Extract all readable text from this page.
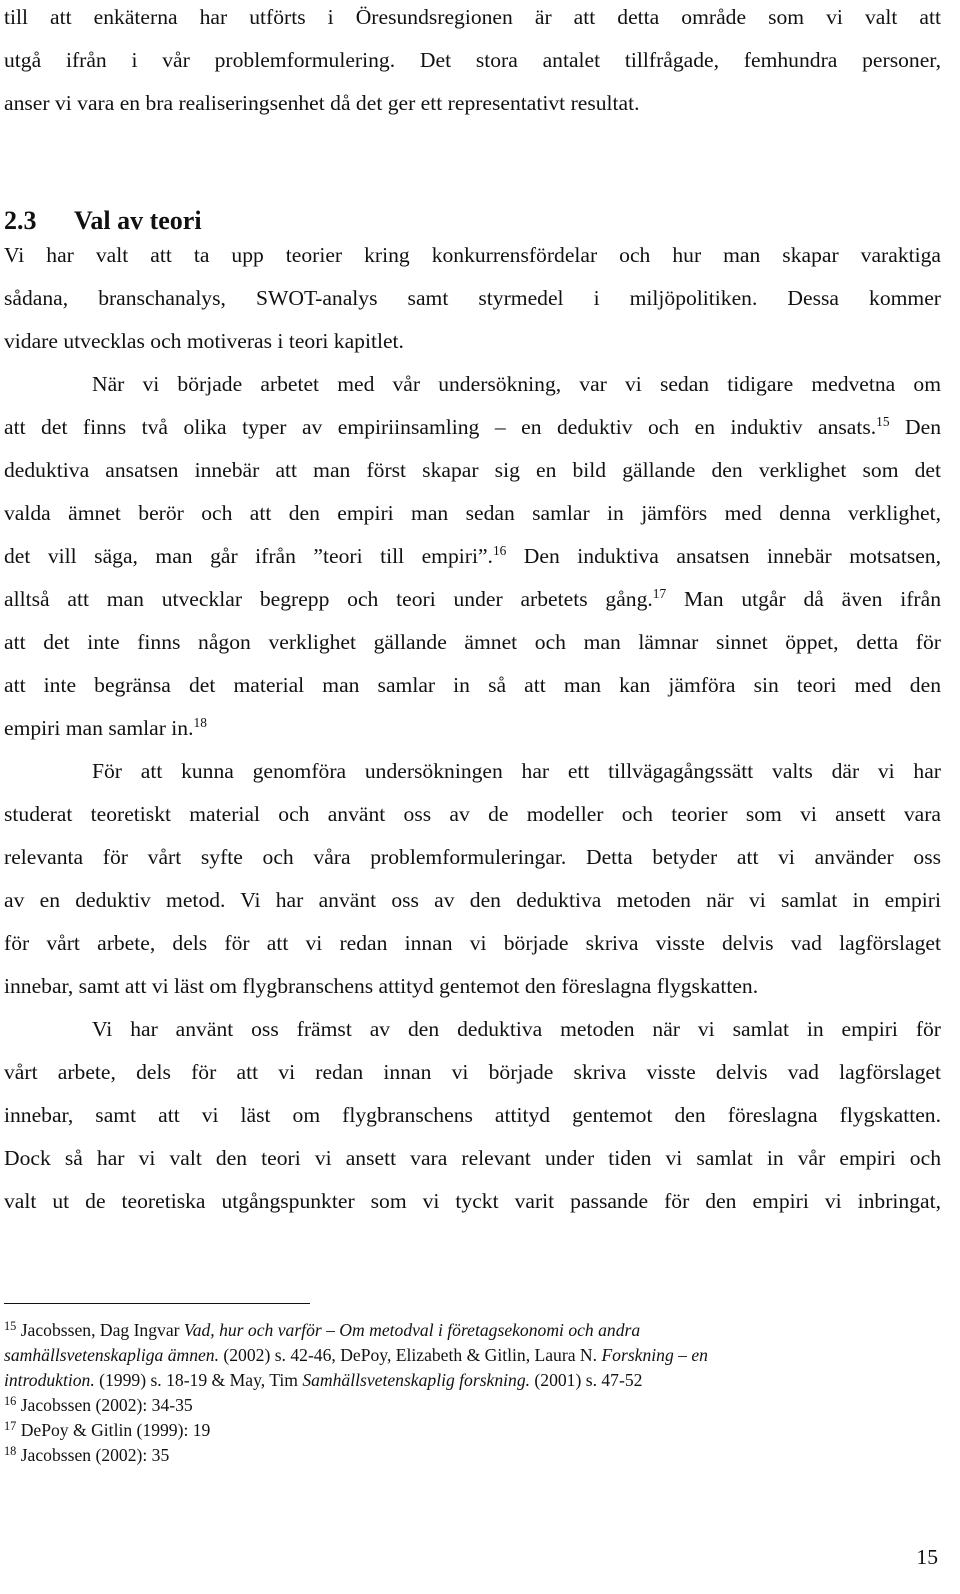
till att enkäterna har utförts i Öresundsregionen är att detta område som vi valt att
utgå ifrån i vår problemformulering. Det stora antalet tillfrågade, femhundra personer,
anser vi vara en bra realiseringsenhet då det ger ett representativt resultat.
2.3 Val av teori
Vi har valt att ta upp teorier kring konkurrensfördelar och hur man skapar varaktiga
sådana, branschanalys, SWOT-analys samt styrmedel i miljöpolitiken. Dessa kommer
vidare utvecklas och motiveras i teori kapitlet.
När vi började arbetet med vår undersökning, var vi sedan tidigare medvetna om
att det finns två olika typer av empiriinsamling – en deduktiv och en induktiv ansats.$^{15}$ Den
deduktiva ansatsen innebär att man först skapar sig en bild gällande den verklighet som det
valda ämnet berör och att den empiri man sedan samlar in jämförs med denna verklighet,
det vill säga, man går ifrån ”teori till empiri”.$^{16}$ Den induktiva ansatsen innebär motsatsen,
alltså att man utvecklar begrepp och teori under arbetets gång.$^{17}$ Man utgår då även ifrån
att det inte finns någon verklighet gällande ämnet och man lämnar sinnet öppet, detta för
att inte begränsa det material man samlar in så att man kan jämföra sin teori med den
empiri man samlar in.$^{18}$
För att kunna genomföra undersökningen har ett tillvägagångssätt valts där vi har
studerat teoretiskt material och använt oss av de modeller och teorier som vi ansett vara
relevanta för vårt syfte och våra problemformuleringar. Detta betyder att vi använder oss
av en deduktiv metod. Vi har använt oss av den deduktiva metoden när vi samlat in empiri
för vårt arbete, dels för att vi redan innan vi började skriva visste delvis vad lagförslaget
innebar, samt att vi läst om flygbranschens attityd gentemot den föreslagna flygskatten.
Vi har använt oss främst av den deduktiva metoden när vi samlat in empiri för
vårt arbete, dels för att vi redan innan vi började skriva visste delvis vad lagförslaget
innebar, samt att vi läst om flygbranschens attityd gentemot den föreslagna flygskatten.
Dock så har vi valt den teori vi ansett vara relevant under tiden vi samlat in vår empiri och
valt ut de teoretiska utgångspunkter som vi tyckt varit passande för den empiri vi inbringat,
$^{15}$ Jacobssen, Dag Ingvar Vad, hur och varför – Om metodval i företagsekonomi och andra
samhällsvetenskapliga ämnen. (2002) s. 42-46, DePoy, Elizabeth & Gitlin, Laura N. Forskning – en
introduktion. (1999) s. 18-19 & May, Tim Samhällsvetenskaplig forskning. (2001) s. 47-52
$^{16}$ Jacobssen (2002): 34-35
$^{17}$ DePoy & Gitlin (1999): 19
$^{18}$ Jacobssen (2002): 35
15
